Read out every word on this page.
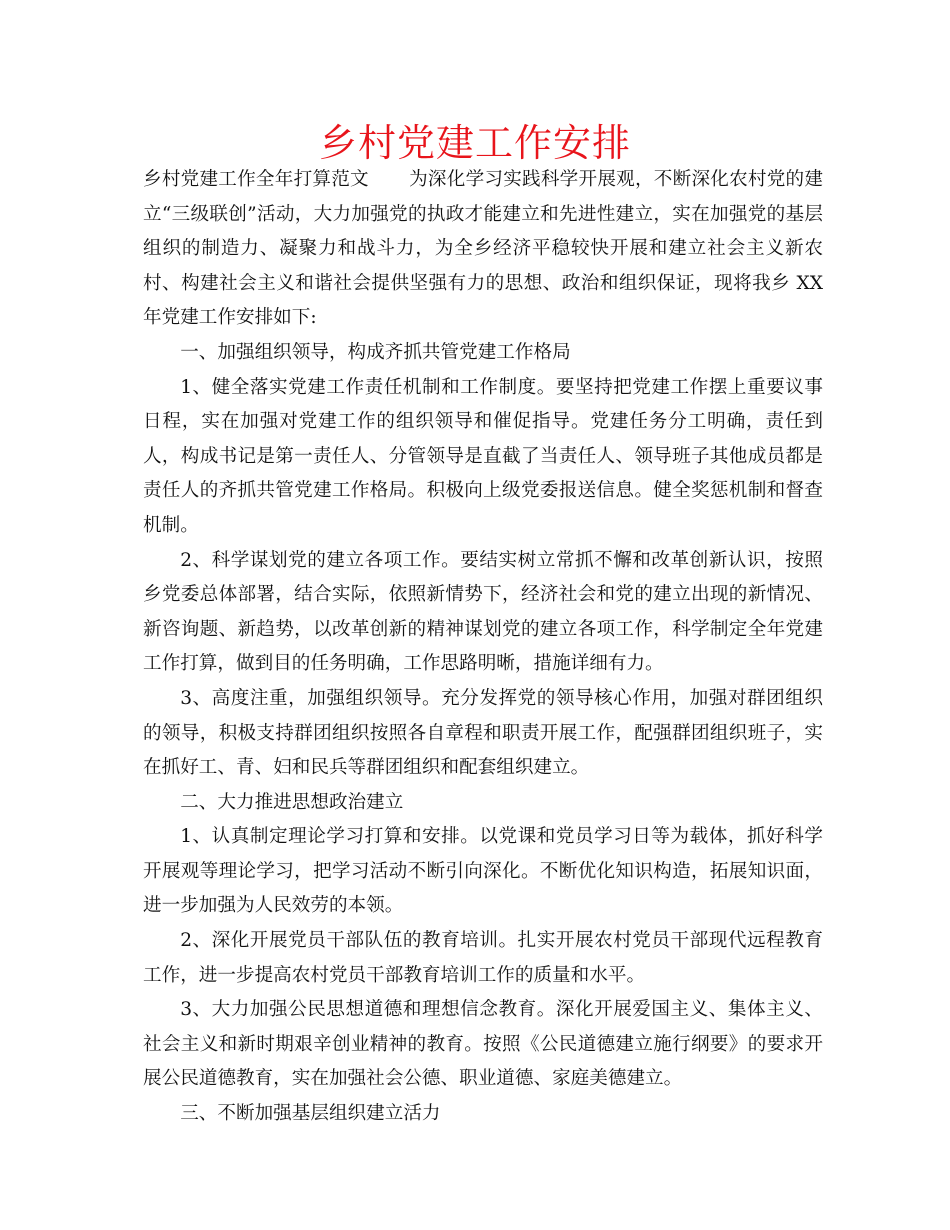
乡村党建工作安排

乡村党建工作全年打算范文 为深化学习实践科学开展观，不断深化农村党的建立“三级联创”活动，大力加强党的执政才能建立和先进性建立，实在加强党的基层组织的制造力、凝聚力和战斗力，为全乡经济平稳较快开展和建立社会主义新农村、构建社会主义和谐社会提供坚强有力的思想、政治和组织保证，现将我乡 XX 年党建工作安排如下:

一、加强组织领导，构成齐抓共管党建工作格局

1、健全落实党建工作责任机制和工作制度。要坚持把党建工作摆上重要议事日程，实在加强对党建工作的组织领导和催促指导。党建任务分工明确，责任到人，构成书记是第一责任人、分管领导是直截了当责任人、领导班子其他成员都是责任人的齐抓共管党建工作格局。积极向上级党委报送信息。健全奖惩机制和督查机制。

2、科学谋划党的建立各项工作。要结实树立常抓不懈和改革创新认识，按照乡党委总体部署，结合实际，依照新情势下，经济社会和党的建立出现的新情况、新咨询题、新趋势，以改革创新的精神谋划党的建立各项工作，科学制定全年党建工作打算，做到目的任务明确，工作思路明晰，措施详细有力。

3、高度注重，加强组织领导。充分发挥党的领导核心作用，加强对群团组织的领导，积极支持群团组织按照各自章程和职责开展工作，配强群团组织班子，实在抓好工、青、妇和民兵等群团组织和配套组织建立。

二、大力推进思想政治建立

1、认真制定理论学习打算和安排。以党课和党员学习日等为载体，抓好科学开展观等理论学习，把学习活动不断引向深化。不断优化知识构造，拓展知识面，进一步加强为人民效劳的本领。

2、深化开展党员干部队伍的教育培训。扎实开展农村党员干部现代远程教育工作，进一步提高农村党员干部教育培训工作的质量和水平。

3、大力加强公民思想道德和理想信念教育。深化开展爱国主义、集体主义、社会主义和新时期艰辛创业精神的教育。按照《公民道德建立施行纲要》的要求开展公民道德教育，实在加强社会公德、职业道德、家庭美德建立。

三、不断加强基层组织建立活力
